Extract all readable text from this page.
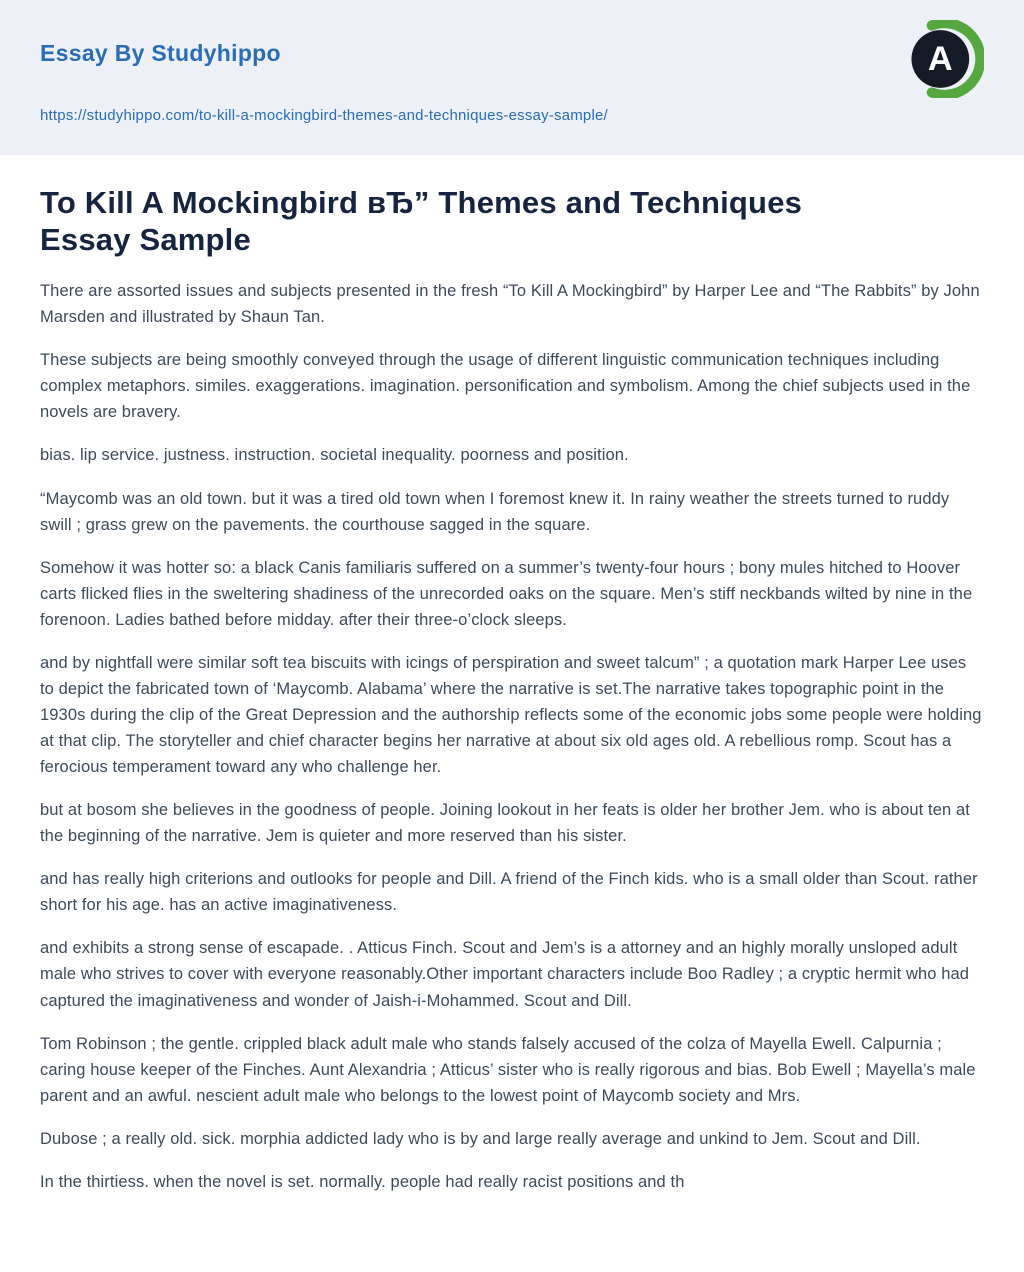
Essay By Studyhippo

https://studyhippo.com/to-kill-a-mockingbird-themes-and-techniques-essay-sample/
A
To Kill A Mockingbird вЂ” Themes and Techniques Essay Sample

There are assorted issues and subjects presented in the fresh “To Kill A Mockingbird” by Harper Lee and “The Rabbits” by John Marsden and illustrated by Shaun Tan.

These subjects are being smoothly conveyed through the usage of different linguistic communication techniques including complex metaphors. similes. exaggerations. imagination. personification and symbolism. Among the chief subjects used in the novels are bravery.

bias. lip service. justness. instruction. societal inequality. poorness and position.

“Maycomb was an old town. but it was a tired old town when I foremost knew it. In rainy weather the streets turned to ruddy swill ; grass grew on the pavements. the courthouse sagged in the square.

Somehow it was hotter so: a black Canis familiaris suffered on a summer’s twenty-four hours ; bony mules hitched to Hoover carts flicked flies in the sweltering shadiness of the unrecorded oaks on the square. Men’s stiff neckbands wilted by nine in the forenoon. Ladies bathed before midday. after their three-o’clock sleeps.

and by nightfall were similar soft tea biscuits with icings of perspiration and sweet talcum” ; a quotation mark Harper Lee uses to depict the fabricated town of ‘Maycomb. Alabama’ where the narrative is set.The narrative takes topographic point in the 1930s during the clip of the Great Depression and the authorship reflects some of the economic jobs some people were holding at that clip. The storyteller and chief character begins her narrative at about six old ages old. A rebellious romp. Scout has a ferocious temperament toward any who challenge her.

but at bosom she believes in the goodness of people. Joining lookout in her feats is older her brother Jem. who is about ten at the beginning of the narrative. Jem is quieter and more reserved than his sister.

and has really high criterions and outlooks for people and Dill. A friend of the Finch kids. who is a small older than Scout. rather short for his age. has an active imaginativeness.

and exhibits a strong sense of escapade. . Atticus Finch. Scout and Jem’s is a attorney and an highly morally unsloped adult male who strives to cover with everyone reasonably.Other important characters include Boo Radley ; a cryptic hermit who had captured the imaginativeness and wonder of Jaish-i-Mohammed. Scout and Dill.

Tom Robinson ; the gentle. crippled black adult male who stands falsely accused of the colza of Mayella Ewell. Calpurnia ; caring house keeper of the Finches. Aunt Alexandria ; Atticus’ sister who is really rigorous and bias. Bob Ewell ; Mayella’s male parent and an awful. nescient adult male who belongs to the lowest point of Maycomb society and Mrs.

Dubose ; a really old. sick. morphia addicted lady who is by and large really average and unkind to Jem. Scout and Dill.

In the thirtiess. when the novel is set. normally. people had really racist positions and th
